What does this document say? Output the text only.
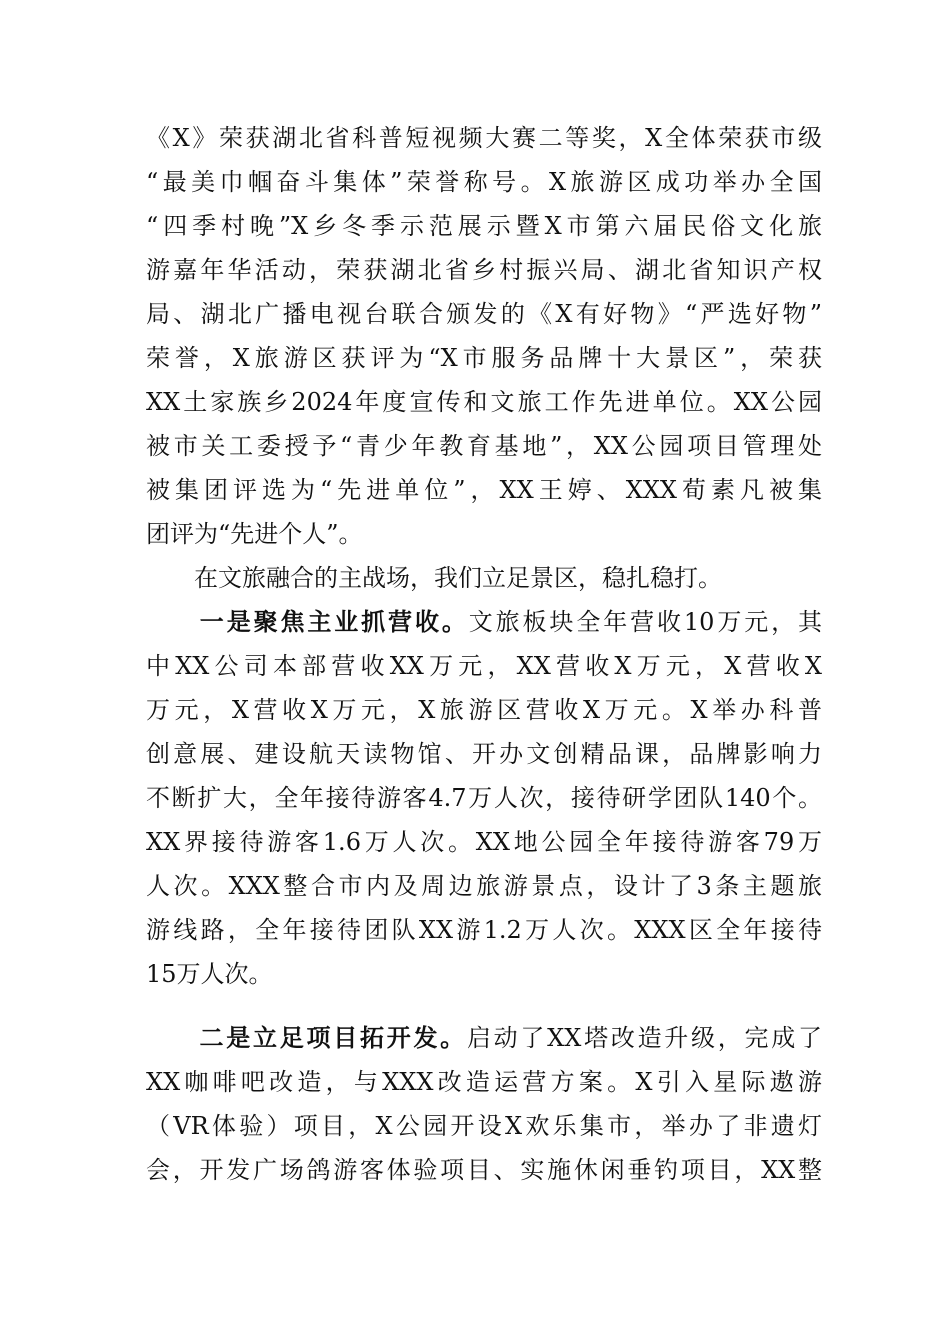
《X》荣获湖北省科普短视频大赛二等奖，X全体荣获市级
“最美巾帼奋斗集体”荣誉称号。X旅游区成功举办全国
“四季村晚”X乡冬季示范展示暨X市第六届民俗文化旅
游嘉年华活动，荣获湖北省乡村振兴局、湖北省知识产权
局、湖北广播电视台联合颁发的《X有好物》“严选好物”
荣誉，X旅游区获评为“X市服务品牌十大景区”，荣获
XX土家族乡2024年度宣传和文旅工作先进单位。XX公园
被市关工委授予“青少年教育基地”，XX公园项目管理处
被集团评选为“先进单位”，XX王婷、XXX荀素凡被集
团评为“先进个人”。
　　在文旅融合的主战场，我们立足景区，稳扎稳打。
　　一是聚焦主业抓营收。文旅板块全年营收10万元，其
中XX公司本部营收XX万元，XX营收X万元，X营收X
万元，X营收X万元，X旅游区营收X万元。X举办科普
创意展、建设航天读物馆、开办文创精品课，品牌影响力
不断扩大，全年接待游客4.7万人次，接待研学团队140个。
XX界接待游客1.6万人次。XX地公园全年接待游客79万
人次。XXX整合市内及周边旅游景点，设计了3条主题旅
游线路，全年接待团队XX游1.2万人次。XXX区全年接待
15万人次。
　　二是立足项目拓开发。启动了XX塔改造升级，完成了
XX咖啡吧改造，与XXX改造运营方案。X引入星际遨游
（VR体验）项目，X公园开设X欢乐集市，举办了非遗灯
会，开发广场鸽游客体验项目、实施休闲垂钓项目，XX整
